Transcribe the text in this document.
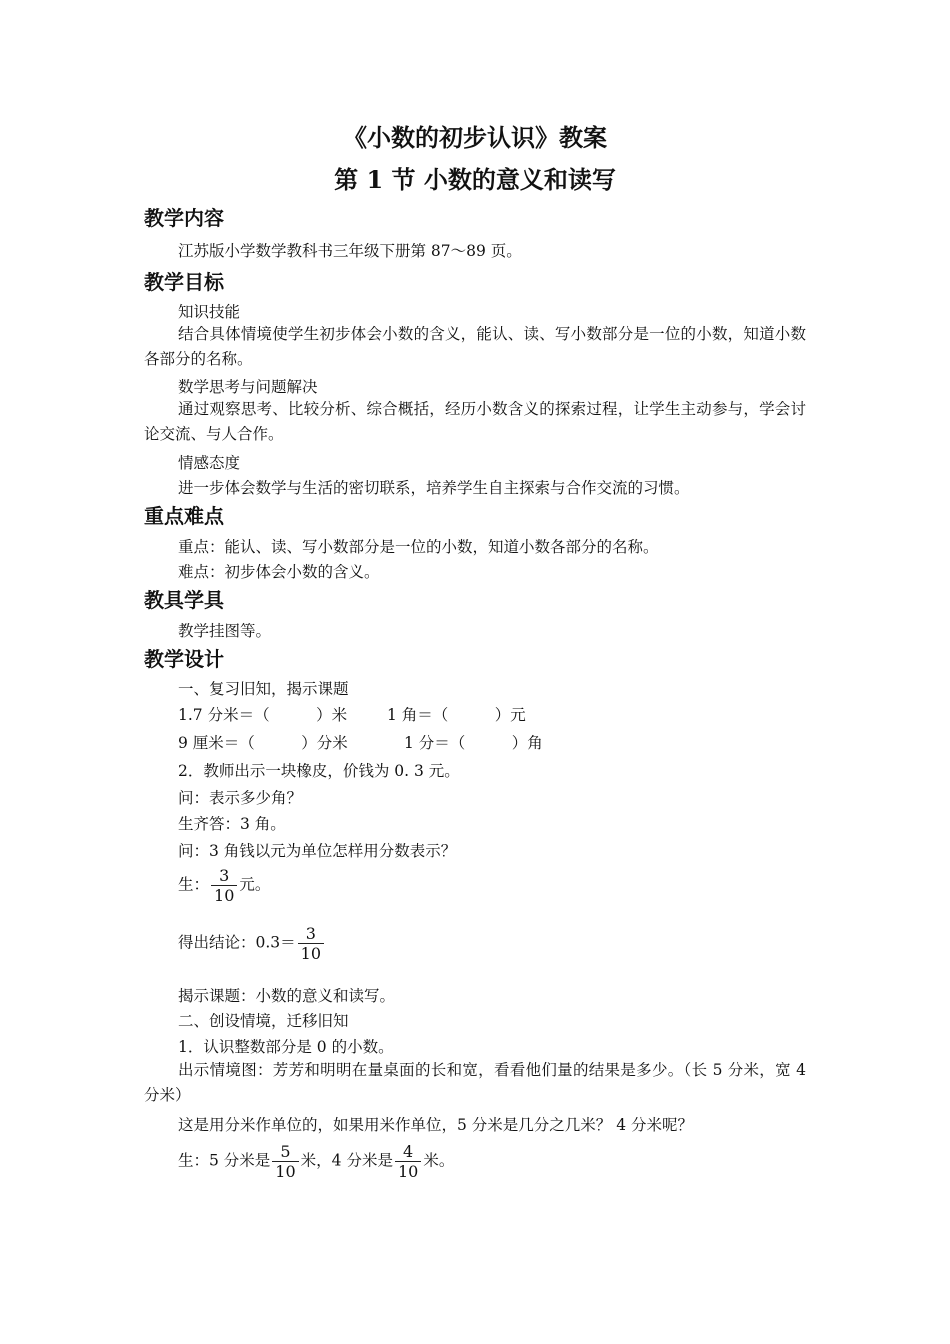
《小数的初步认识》教案
第 1 节 小数的意义和读写
教学内容
江苏版小学数学教科书三年级下册第 87～89 页。
教学目标
知识技能
结合具体情境使学生初步体会小数的含义，能认、读、写小数部分是一位的小数，知道小数各部分的名称。
数学思考与问题解决
通过观察思考、比较分析、综合概括，经历小数含义的探索过程，让学生主动参与，学会讨论交流、与人合作。
情感态度
进一步体会数学与生活的密切联系，培养学生自主探索与合作交流的习惯。
重点难点
重点：能认、读、写小数部分是一位的小数，知道小数各部分的名称。
难点：初步体会小数的含义。
教具学具
教学挂图等。
教学设计
一、复习旧知，揭示课题
1.7 分米＝（　　　）米	1 角＝（　　　）元
9 厘米＝（　　　）分米	1 分＝（　　　）角
2．教师出示一块橡皮，价钱为 0. 3 元。
问：表示多少角？
生齐答：3 角。
问：3 角钱以元为单位怎样用分数表示？
生： $\frac{3}{10}$ 元。
得出结论：$0.3= \frac{3}{10}$
揭示课题：小数的意义和读写。
二、创设情境，迁移旧知
1．认识整数部分是 0 的小数。
出示情境图：芳芳和明明在量桌面的长和宽，看看他们量的结果是多少。（长 5 分米，宽 4 分米）
这是用分米作单位的，如果用米作单位，5 分米是几分之几米？ 4 分米呢？
生：5 分米是 $\frac{5}{10}$ 米，4 分米是 $\frac{4}{10}$ 米。
